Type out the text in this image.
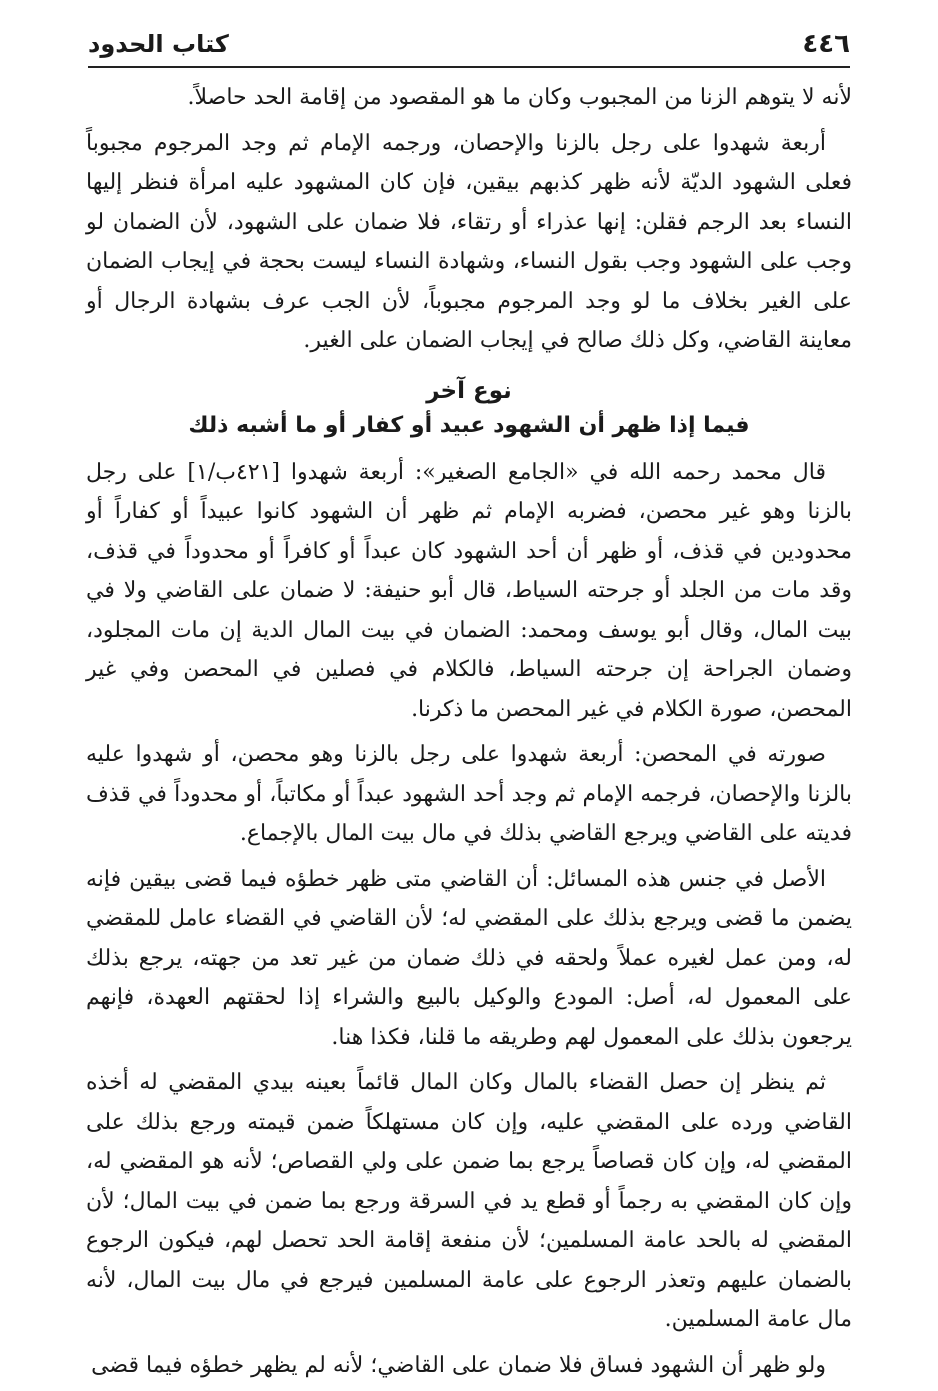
٤٤٦
كتاب الحدود

لأنه لا يتوهم الزنا من المجبوب وكان ما هو المقصود من إقامة الحد حاصلاً.

أربعة شهدوا على رجل بالزنا والإحصان، ورجمه الإمام ثم وجد المرجوم مجبوباً فعلى الشهود الديّة لأنه ظهر كذبهم بيقين، فإن كان المشهود عليه امرأة فنظر إليها النساء بعد الرجم فقلن: إنها عذراء أو رتقاء، فلا ضمان على الشهود، لأن الضمان لو وجب على الشهود وجب بقول النساء، وشهادة النساء ليست بحجة في إيجاب الضمان على الغير بخلاف ما لو وجد المرجوم مجبوباً، لأن الجب عرف بشهادة الرجال أو معاينة القاضي، وكل ذلك صالح في إيجاب الضمان على الغير.

نوع آخر
فيما إذا ظهر أن الشهود عبيد أو كفار أو ما أشبه ذلك

قال محمد رحمه الله في «الجامع الصغير»: أربعة شهدوا [٤٢١ب/١] على رجل بالزنا وهو غير محصن، فضربه الإمام ثم ظهر أن الشهود كانوا عبيداً أو كفاراً أو محدودين في قذف، أو ظهر أن أحد الشهود كان عبداً أو كافراً أو محدوداً في قذف، وقد مات من الجلد أو جرحته السياط، قال أبو حنيفة: لا ضمان على القاضي ولا في بيت المال، وقال أبو يوسف ومحمد: الضمان في بيت المال الدية إن مات المجلود، وضمان الجراحة إن جرحته السياط، فالكلام في فصلين في المحصن وفي غير المحصن، صورة الكلام في غير المحصن ما ذكرنا.

صورته في المحصن: أربعة شهدوا على رجل بالزنا وهو محصن، أو شهدوا عليه بالزنا والإحصان، فرجمه الإمام ثم وجد أحد الشهود عبداً أو مكاتباً، أو محدوداً في قذف فديته على القاضي ويرجع القاضي بذلك في مال بيت المال بالإجماع.

الأصل في جنس هذه المسائل: أن القاضي متى ظهر خطؤه فيما قضى بيقين فإنه يضمن ما قضى ويرجع بذلك على المقضي له؛ لأن القاضي في القضاء عامل للمقضي له، ومن عمل لغيره عملاً ولحقه في ذلك ضمان من غير تعد من جهته، يرجع بذلك على المعمول له، أصل: المودع والوكيل بالبيع والشراء إذا لحقتهم العهدة، فإنهم يرجعون بذلك على المعمول لهم وطريقه ما قلنا، فكذا هنا.

ثم ينظر إن حصل القضاء بالمال وكان المال قائماً بعينه بيدي المقضي له أخذه القاضي ورده على المقضي عليه، وإن كان مستهلكاً ضمن قيمته ورجع بذلك على المقضي له، وإن كان قصاصاً يرجع بما ضمن على ولي القصاص؛ لأنه هو المقضي له، وإن كان المقضي به رجماً أو قطع يد في السرقة ورجع بما ضمن في بيت المال؛ لأن المقضي له بالحد عامة المسلمين؛ لأن منفعة إقامة الحد تحصل لهم، فيكون الرجوع بالضمان عليهم وتعذر الرجوع على عامة المسلمين فيرجع في مال بيت المال، لأنه مال عامة المسلمين.

ولو ظهر أن الشهود فساق فلا ضمان على القاضي؛ لأنه لم يظهر خطؤه فيما قضى
